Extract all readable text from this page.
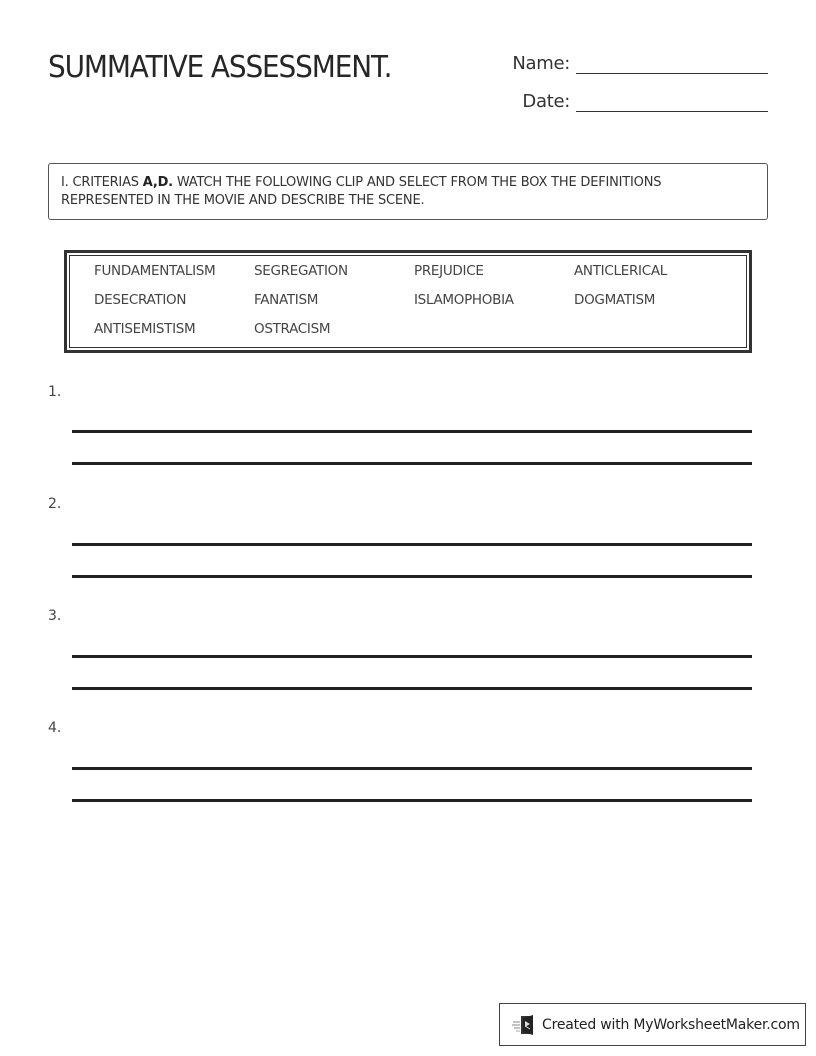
SUMMATIVE ASSESSMENT.	Name:
Date:
I. CRITERIAS A,D. WATCH THE FOLLOWING CLIP AND SELECT FROM THE BOX THE DEFINITIONS REPRESENTED IN THE MOVIE AND DESCRIBE THE SCENE.
FUNDAMENTALISM	SEGREGATION	PREJUDICE	ANTICLERICAL
DESECRATION	FANATISM	ISLAMOPHOBIA	DOGMATISM
ANTISEMISTISM	OSTRACISM
1.
2.
3.
4.
Created with MyWorksheetMaker.com
